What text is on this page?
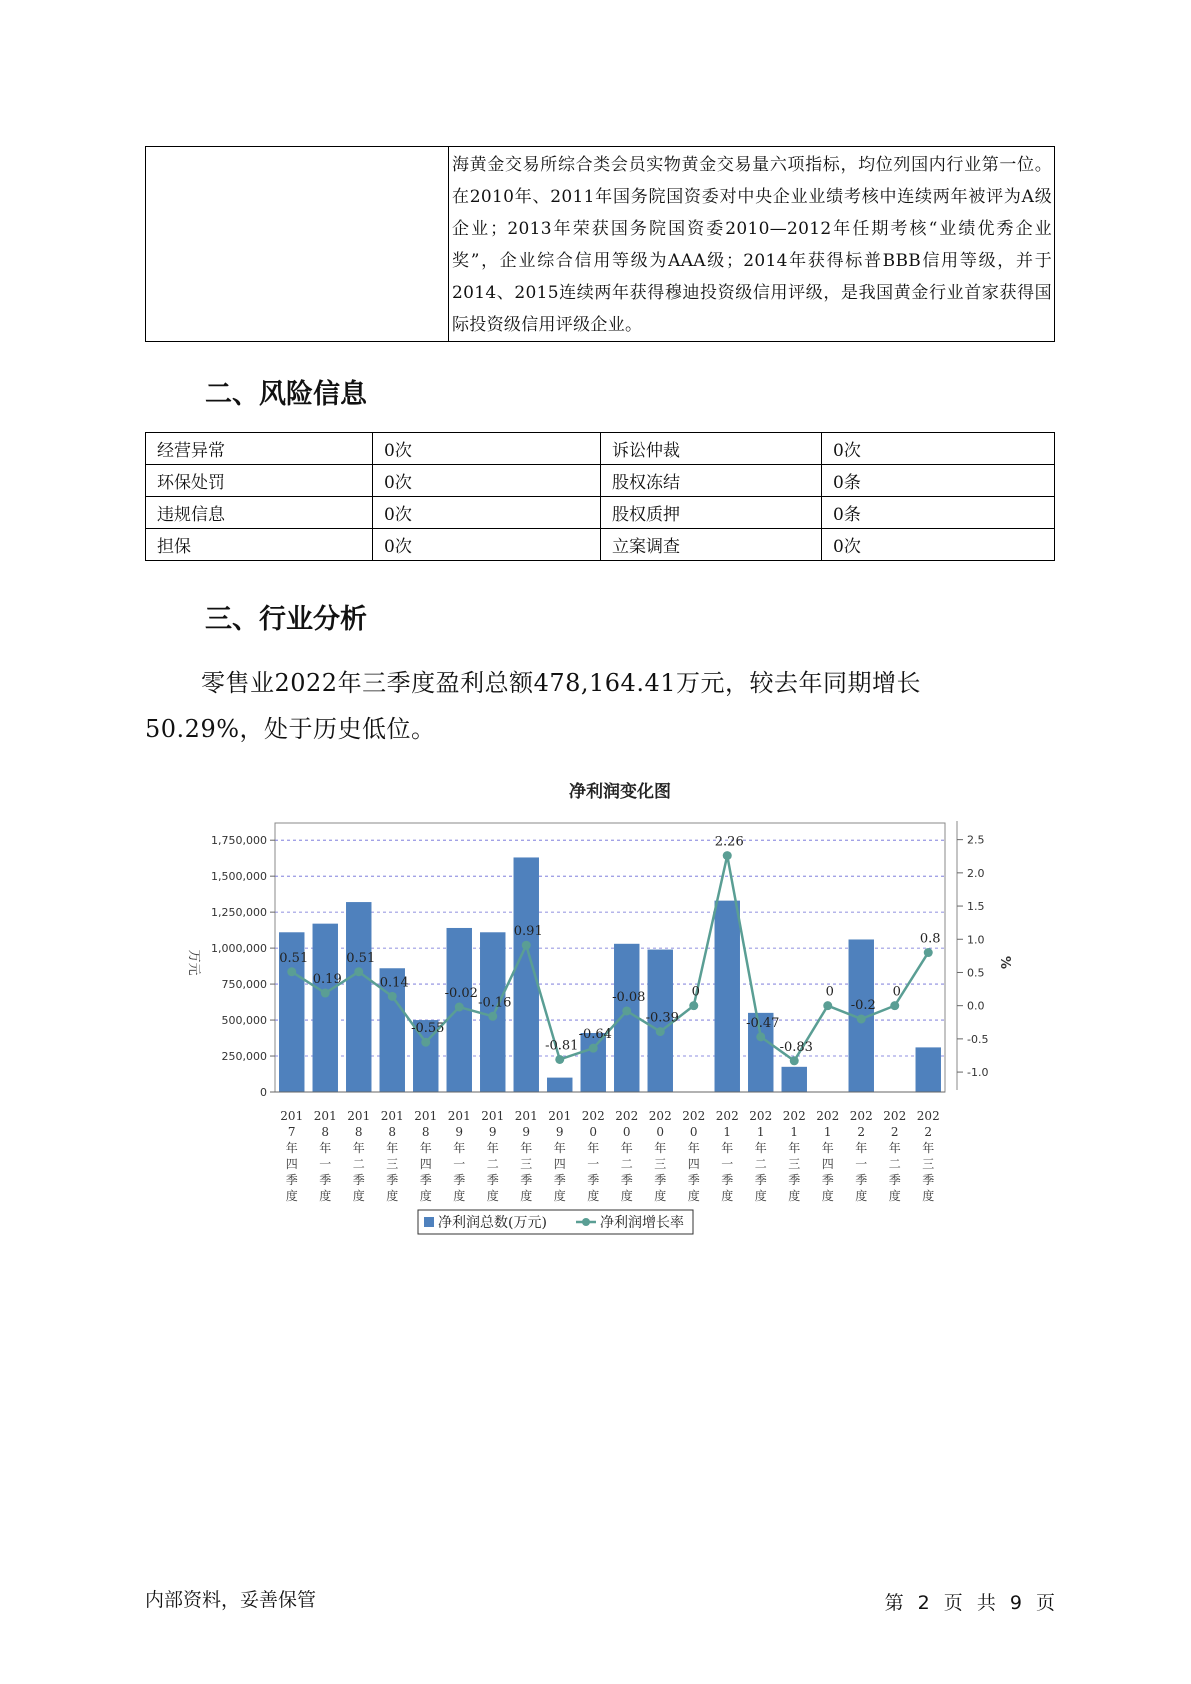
	海黄金交易所综合类会员实物黄金交易量六项指标，均位列国内行业第一位。在2010年、2011年国务院国资委对中央企业业绩考核中连续两年被评为A级企业；2013年荣获国务院国资委2010—2012年任期考核“业绩优秀企业奖”，企业综合信用等级为AAA级；2014年获得标普BBB信用等级，并于2014、2015连续两年获得穆迪投资级信用评级，是我国黄金行业首家获得国际投资级信用评级企业。
二、风险信息
经营异常	0次	诉讼仲裁	0次
环保处罚	0次	股权冻结	0条
违规信息	0次	股权质押	0条
担保	0次	立案调查	0次
三、行业分析

零售业2022年三季度盈利总额478,164.41万元，较去年同期增长50.29%，处于历史低位。

净利润变化图
0
250,000
500,000
750,000
1,000,000
1,250,000
1,500,000
1,750,000
-1.0
-0.5
0.0
0.5
1.0
1.5
2.0
2.5
万元	%
0.51
0.19
0.51
0.14
-0.55
-0.02
-0.16
0.91
-0.81
-0.64
-0.08
-0.39
0
2.26
-0.47
-0.83
0
-0.2
0
0.8
201
7
年
四
季
度
201
8
年
一
季
度
201
8
年
二
季
度
201
8
年
三
季
度
201
8
年
四
季
度
201
9
年
一
季
度
201
9
年
二
季
度
201
9
年
三
季
度
201
9
年
四
季
度
202
0
年
一
季
度
202
0
年
二
季
度
202
0
年
三
季
度
202
0
年
四
季
度
202
1
年
一
季
度
202
1
年
二
季
度
202
1
年
三
季
度
202
1
年
四
季
度
202
2
年
一
季
度
202
2
年
二
季
度
202
2
年
三
季
度
净利润总数(万元)	净利润增长率
内部资料，妥善保管	第 2 页 共 9 页
